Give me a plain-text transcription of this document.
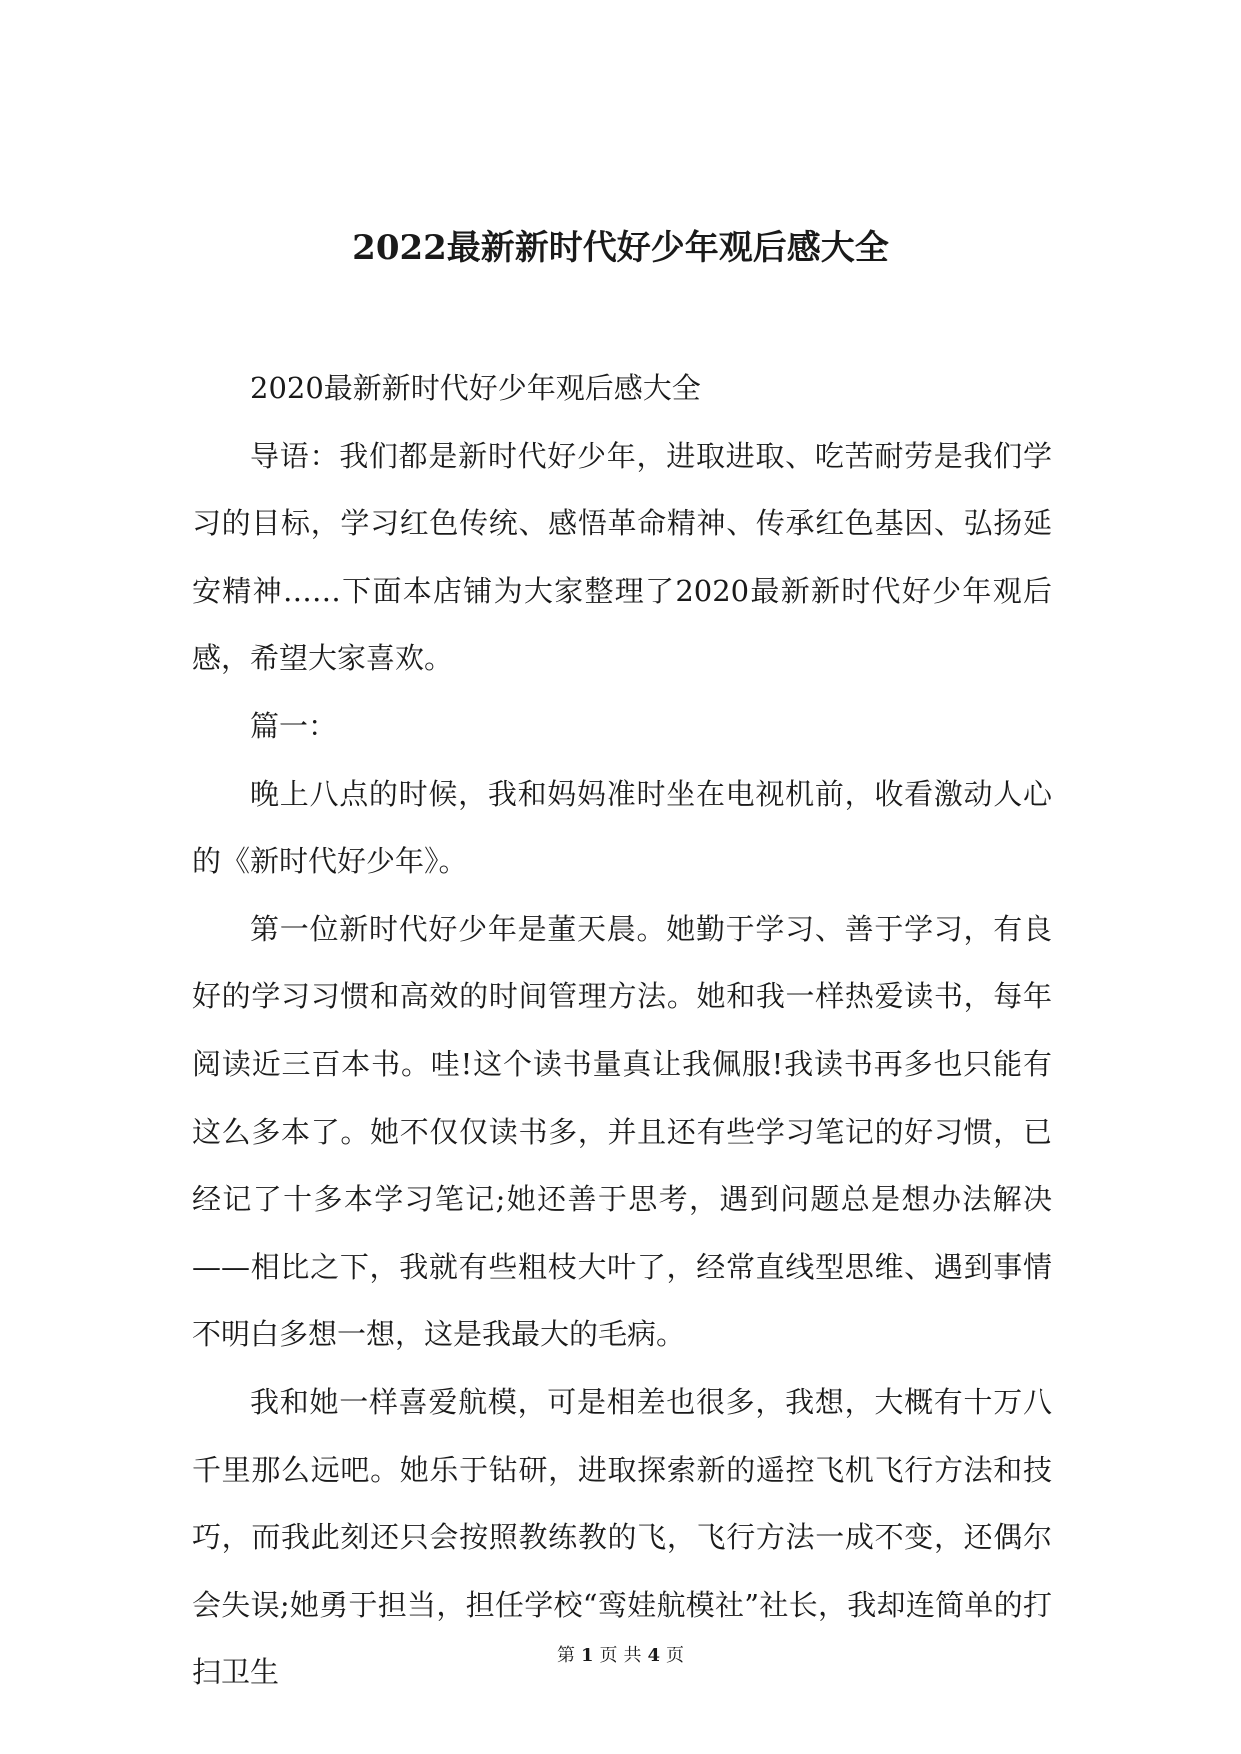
2022最新新时代好少年观后感大全

2020最新新时代好少年观后感大全

导语：我们都是新时代好少年，进取进取、吃苦耐劳是我们学习的目标，学习红色传统、感悟革命精神、传承红色基因、弘扬延安精神……下面本店铺为大家整理了2020最新新时代好少年观后感，希望大家喜欢。

篇一：

晚上八点的时候，我和妈妈准时坐在电视机前，收看激动人心的《新时代好少年》。

第一位新时代好少年是董天晨。她勤于学习、善于学习，有良好的学习习惯和高效的时间管理方法。她和我一样热爱读书，每年阅读近三百本书。哇!这个读书量真让我佩服!我读书再多也只能有这么多本了。她不仅仅读书多，并且还有些学习笔记的好习惯，已经记了十多本学习笔记;她还善于思考，遇到问题总是想办法解决——相比之下，我就有些粗枝大叶了，经常直线型思维、遇到事情不明白多想一想，这是我最大的毛病。

我和她一样喜爱航模，可是相差也很多，我想，大概有十万八千里那么远吧。她乐于钻研，进取探索新的遥控飞机飞行方法和技巧，而我此刻还只会按照教练教的飞，飞行方法一成不变，还偶尔会失误;她勇于担当，担任学校“鸾娃航模社”社长，我却连简单的打扫卫生	第 1 页 共 4 页
